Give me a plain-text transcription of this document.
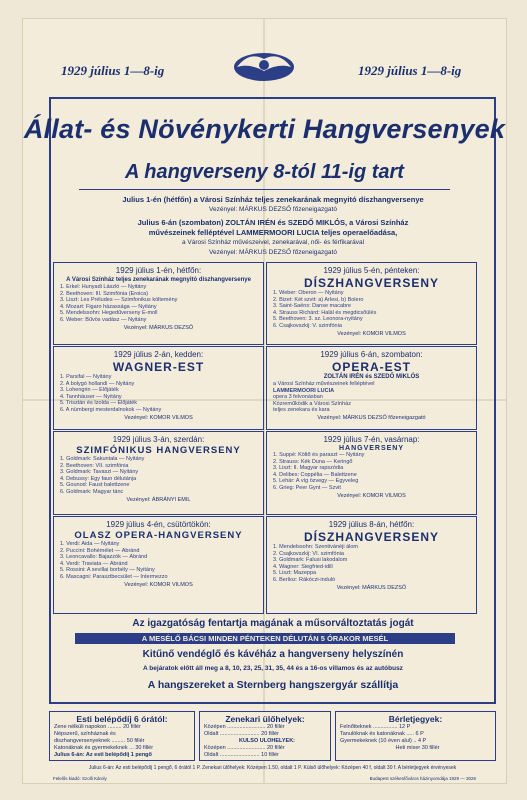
1929 július 1—8-ig	1929 július 1—8-ig
Állat- és Növénykerti Hangversenyek
A hangverseny 8-tól 11-ig tart
Julius 1-én (hétfőn) a Városi Színház teljes zenekarának megnyitó díszhangversenye
Vezényel: MÁRKUS DEZSŐ főzeneigazgató
Julius 6-án (szombaton) ZOLTÁN IRÉN és SZEDŐ MIKLÓS, a Városi Színház
művészeinek felléptével LAMMERMOORI LUCIA teljes operaelőadása,
a Városi Színház művészeivel, zenekarával, női- és férfikarával
Vezényel: MÁRKUS DEZSŐ főzeneigazgató
1929 július 1-én, hétfőn:
A Városi Színház teljes zenekarának megnyitó díszhangversenye
1. Erkel: Hunyadi László — Nyitány
2. Beethoven: III. Szimfónia (Eroica)
3. Liszt: Les Préludes — Szimfonikus költemény
4. Mozart: Figaro házassága — Nyitány
5. Mendelssohn: Hegedűverseny E-moll
6. Weber: Bűvös vadász — Nyitány
Vezényel: MÁRKUS DEZSŐ
1929 július 5-én, pénteken:
DÍSZHANGVERSENY
1. Weber: Oberon — Nyitány
2. Bizet: Két szvit: a) Arlesi, b) Bolero
3. Saint-Saëns: Danse macabre
4. Strauss Richárd: Halál és megdicsőülés
5. Beethoven: 3. sz. Leonora-nyitány
6. Csajkovszkij: V. szimfónia
Vezényel: KOMOR VILMOS
1929 július 2-án, kedden:
WAGNER-EST
1. Parsifal — Nyitány
2. A bolygó hollandi — Nyitány
3. Lohengrin — Előjáték
4. Tannhäuser — Nyitány
5. Trisztán és Izolda — Előjáték
6. A nürnbergi mesterdalnokok — Nyitány
Vezényel: KOMOR VILMOS
1929 július 6-án, szombaton:
OPERA-EST
ZOLTÁN IRÉN és SZEDŐ MIKLÓS
a Városi Színház művészeinek felléptével
LAMMERMOORI LUCIA
opera 3 felvonásban
Közreműködik a Városi Színház
teljes zenekara és kara
Vezényel: MÁRKUS DEZSŐ főzeneigazgató
1929 július 3-án, szerdán:
SZIMFÓNIKUS HANGVERSENY
1. Goldmark: Sakuntala — Nyitány
2. Beethoven: VII. szimfónia
3. Goldmark: Tavaszi — Nyitány
4. Debussy: Egy faun délutánja
5. Gounod: Faust balettzene
6. Goldmark: Magyar tánc
Vezényel: ÁBRÁNYI EMIL
1929 július 7-én, vasárnap:
HANGVERSENY
1. Suppé: Költő és paraszt — Nyitány
2. Strauss: Kék Duna — Keringő
3. Liszt: II. Magyar rapszódia
4. Delibes: Coppélia — Balettzene
5. Lehár: A víg özvegy — Egyveleg
6. Grieg: Peer Gynt — Szvit
Vezényel: KOMOR VILMOS
1929 július 4-én, csütörtökön:
OLASZ OPERA-HANGVERSENY
1. Verdi: Aida — Nyitány
2. Puccini: Bohémélet — Ábránd
3. Leoncavallo: Bajazzók — Ábránd
4. Verdi: Traviata — Ábránd
5. Rossini: A sevillai borbély — Nyitány
6. Mascagni: Parasztbecsület — Intermezzo
Vezényel: KOMOR VILMOS
1929 július 8-án, hétfőn:
DÍSZHANGVERSENY
1. Mendelssohn: Szentivánéji álom
2. Csajkovszkij: VI. szimfónia
3. Goldmark: Falusi lakodalom
4. Wagner: Siegfried-idill
5. Liszt: Mazeppa
6. Berlioz: Rákóczi-induló
Vezényel: MÁRKUS DEZSŐ
Az igazgatóság fentartja magának a műsorváltoztatás jogát
A MESÉLŐ BÁCSI MINDEN PÉNTEKEN DÉLUTÁN 5 ÓRAKOR MESÉL
Kitűnő vendéglő és kávéház a hangverseny helyszínén
A bejáratok előtt áll meg a 8, 10, 23, 25, 31, 35, 44 és a 16-os villamos és az autóbusz
A hangszereket a Sternberg hangszergyár szállítja
Esti belépődíj 6 órától:
Zene nélküli napokon ......... 20 fillér
Népszerű, színháznak és
diszhangversenyeknek ......... 50 fillér
Katonáknak és gyermekeknek ... 30 fillér
Julius 6-án: Az esti belépődíj 1 pengő
Zenekari ülőhelyek:
Középen ......................... 20 fillér
Oldalt .......................... 20 fillér
KÜLSŐ ÜLŐHELYEK:
Középen ......................... 20 fillér
Oldalt .......................... 10 fillér
Bérletjegyek:
Felnőtteknek ................ 12 P
Tanulóknak és katonáknak ..... 6 P
Gyermekeknek (10 éven alul) .. 4 P
Heti mixer 30 fillér
Julius 6-án: Az esti belépődíj 1 pengő, 6 órától 1 P. Zenekari ülőhelyek: Középen 1.50, oldalt 1 P. Külső ülőhelyek: Középen 40 f, oldalt 30 f. A bérletjegyek érvényesek
Felelős kiadó: Szolli Károly	Budapest székesfőváros házinyomdája 1929 — 3026
